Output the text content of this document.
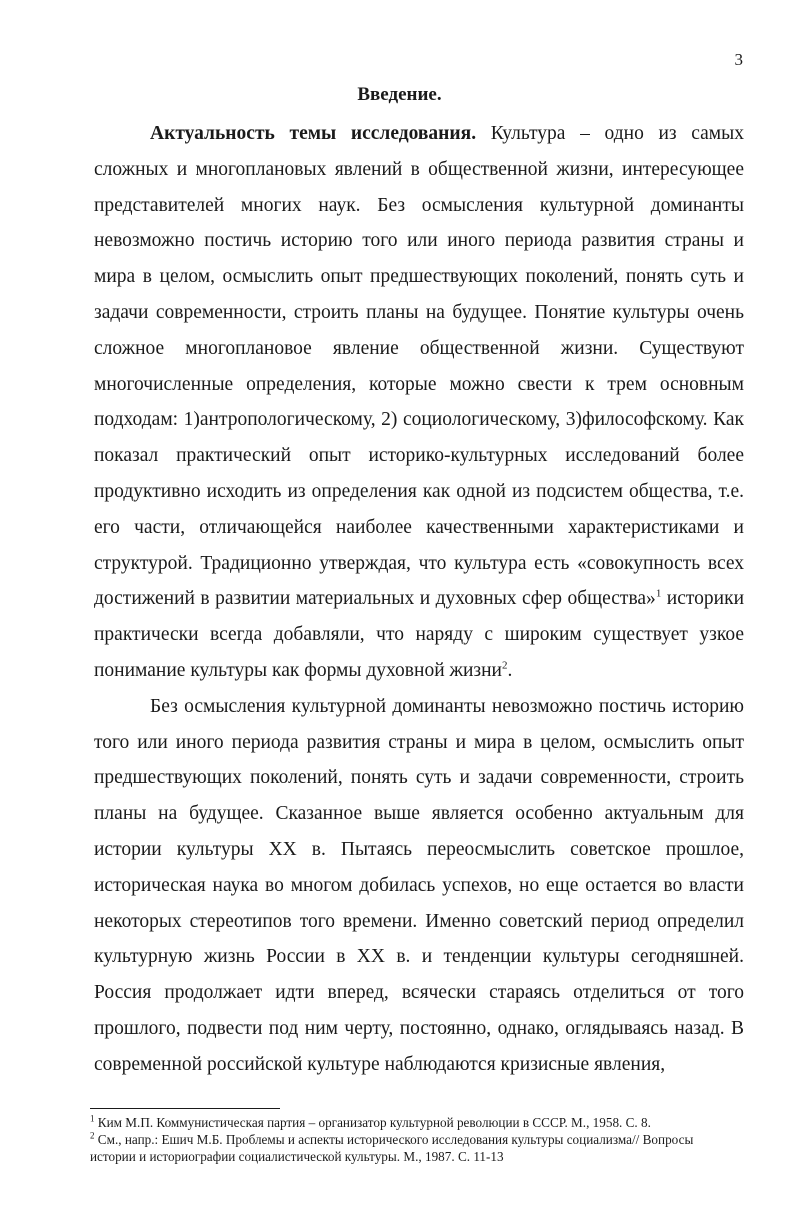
3
Введение.

Актуальность темы исследования. Культура – одно из самых сложных и многоплановых явлений в общественной жизни, интересующее представителей многих наук. Без осмысления культурной доминанты невозможно постичь историю того или иного периода развития страны и мира в целом, осмыслить опыт предшествующих поколений, понять суть и задачи современности, строить планы на будущее. Понятие культуры очень сложное многоплановое явление общественной жизни. Существуют многочисленные определения, которые можно свести к трем основным подходам: 1)антропологическому, 2) социологическому, 3)философскому. Как показал практический опыт историко-культурных исследований более продуктивно исходить из определения как одной из подсистем общества, т.е. его части, отличающейся наиболее качественными характеристиками и структурой. Традиционно утверждая, что культура есть «совокупность всех достижений в развитии материальных и духовных сфер общества»$^1$ историки практически всегда добавляли, что наряду с широким существует узкое понимание культуры как формы духовной жизни$^2$.

Без осмысления культурной доминанты невозможно постичь историю того или иного периода развития страны и мира в целом, осмыслить опыт предшествующих поколений, понять суть и задачи современности, строить планы на будущее. Сказанное выше является особенно актуальным для истории культуры XX в. Пытаясь переосмыслить советское прошлое, историческая наука во многом добилась успехов, но еще остается во власти некоторых стереотипов того времени. Именно советский период определил культурную жизнь России в XX в. и тенденции культуры сегодняшней. Россия продолжает идти вперед, всячески стараясь отделиться от того прошлого, подвести под ним черту, постоянно, однако, оглядываясь назад. В современной российской культуре наблюдаются кризисные явления,

$^1$ Ким М.П. Коммунистическая партия – организатор культурной революции в СССР. М., 1958. С. 8.

$^2$ См., напр.: Ешич М.Б. Проблемы и аспекты исторического исследования культуры социализма// Вопросы истории и историографии социалистической культуры. М., 1987. С. 11-13
